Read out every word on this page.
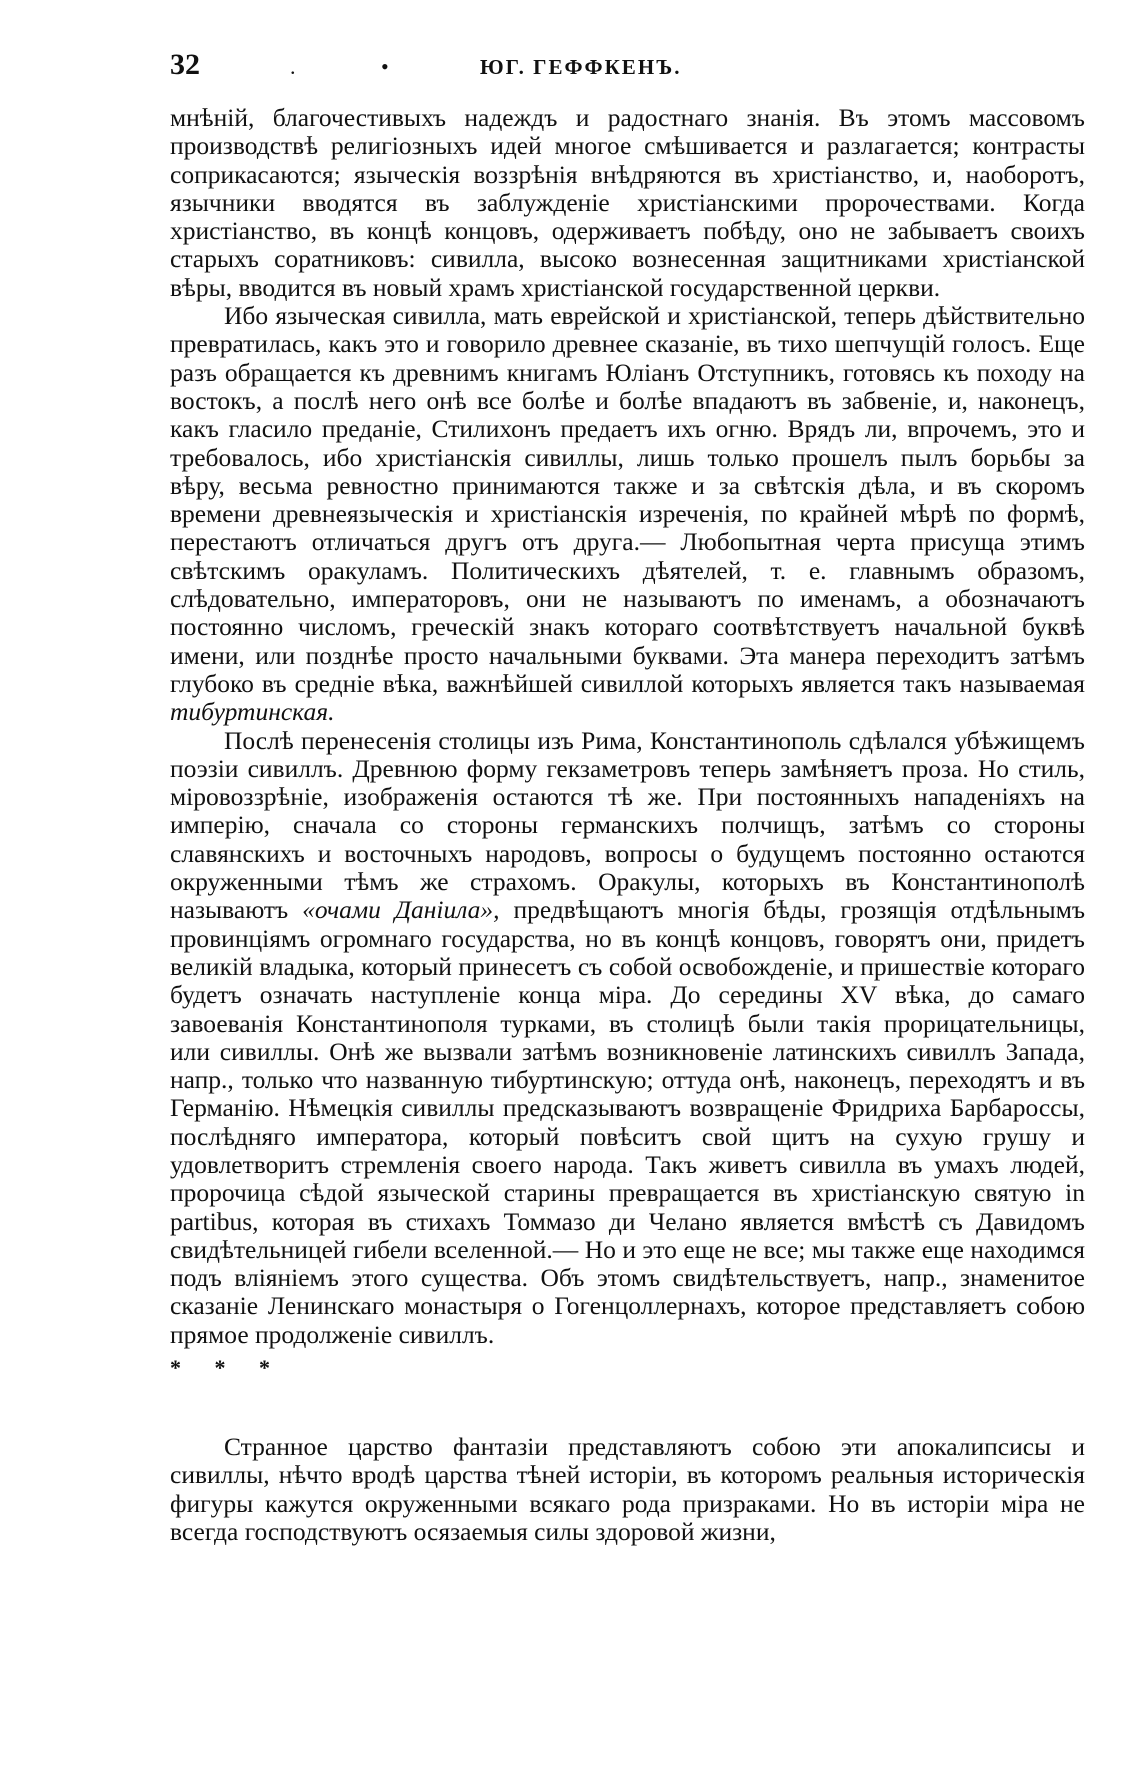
32	. •	ЮГ. ГЕФФКЕНЪ.

мнѣній, благочестивыхъ надеждъ и радостнаго знанія. Въ этомъ массовомъ производствѣ религіозныхъ идей многое смѣшивается и разлагается; контрасты соприкасаются; языческія воззрѣнія внѣдряются въ христіанство, и, наоборотъ, язычники вводятся въ заблужденіе христіанскими пророчествами. Когда христіанство, въ концѣ концовъ, одерживаетъ побѣду, оно не забываетъ своихъ старыхъ соратниковъ: сивилла, высоко вознесенная защитниками христіанской вѣры, вводится въ новый храмъ христіанской государственной церкви.

Ибо языческая сивилла, мать еврейской и христіанской, теперь дѣйствительно превратилась, какъ это и говорило древнее сказаніе, въ тихо шепчущій голосъ. Еще разъ обращается къ древнимъ книгамъ Юліанъ Отступникъ, готовясь къ походу на востокъ, а послѣ него онѣ все болѣе и болѣе впадаютъ въ забвеніе, и, наконецъ, какъ гласило преданіе, Стилихонъ предаетъ ихъ огню. Врядъ ли, впрочемъ, это и требовалось, ибо христіанскія сивиллы, лишь только прошелъ пылъ борьбы за вѣру, весьма ревностно принимаются также и за свѣтскія дѣла, и въ скоромъ времени древнеязыческія и христіанскія изреченія, по крайней мѣрѣ по формѣ, перестаютъ отличаться другъ отъ друга.— Любопытная черта присуща этимъ свѣтскимъ оракуламъ. Политическихъ дѣятелей, т. е. главнымъ образомъ, слѣдовательно, императоровъ, они не называютъ по именамъ, а обозначаютъ постоянно числомъ, греческій знакъ котораго соотвѣтствуетъ начальной буквѣ имени, или позднѣе просто начальными буквами. Эта манера переходитъ затѣмъ глубоко въ средніе вѣка, важнѣйшей сивиллой которыхъ является такъ называемая тибуртинская.

Послѣ перенесенія столицы изъ Рима, Константинополь сдѣлался убѣжищемъ поэзіи сивиллъ. Древнюю форму гекзаметровъ теперь замѣняетъ проза. Но стиль, міровоззрѣніе, изображенія остаются тѣ же. При постоянныхъ нападеніяхъ на имперію, сначала со стороны германскихъ полчищъ, затѣмъ со стороны славянскихъ и восточныхъ народовъ, вопросы о будущемъ постоянно остаются окруженными тѣмъ же страхомъ. Оракулы, которыхъ въ Константинополѣ называютъ «очами Даніила», предвѣщаютъ многія бѣды, грозящія отдѣльнымъ провинціямъ огромнаго государства, но въ концѣ концовъ, говорятъ они, придетъ великій владыка, который принесетъ съ собой освобожденіе, и пришествіе котораго будетъ означать наступленіе конца міра. До середины XV вѣка, до самаго завоеванія Константинополя турками, въ столицѣ были такія прорицательницы, или сивиллы. Онѣ же вызвали затѣмъ возникновеніе латинскихъ сивиллъ Запада, напр., только что названную тибуртинскую; оттуда онѣ, наконецъ, переходятъ и въ Германію. Нѣмецкія сивиллы предсказываютъ возвращеніе Фридриха Барбароссы, послѣдняго императора, который повѣситъ свой щитъ на сухую грушу и удовлетворитъ стремленія своего народа. Такъ живетъ сивилла въ умахъ людей, пророчица сѣдой языческой старины превращается въ христіанскую святую in partibus, которая въ стихахъ Томмазо ди Челано является вмѣстѣ съ Давидомъ свидѣтельницей гибели вселенной.— Но и это еще не все; мы также еще находимся подъ вліяніемъ этого существа. Объ этомъ свидѣтельствуетъ, напр., знаменитое сказаніе Ленинскаго монастыря о Гогенцоллернахъ, которое представляетъ собою прямое продолженіе сивиллъ.

* * *

Странное царство фантазіи представляютъ собою эти апокалипсисы и сивиллы, нѣчто вродѣ царства тѣней исторіи, въ которомъ реальныя историческія фигуры кажутся окруженными всякаго рода призраками. Но въ исторіи міра не всегда господствуютъ осязаемыя силы здоровой жизни,
